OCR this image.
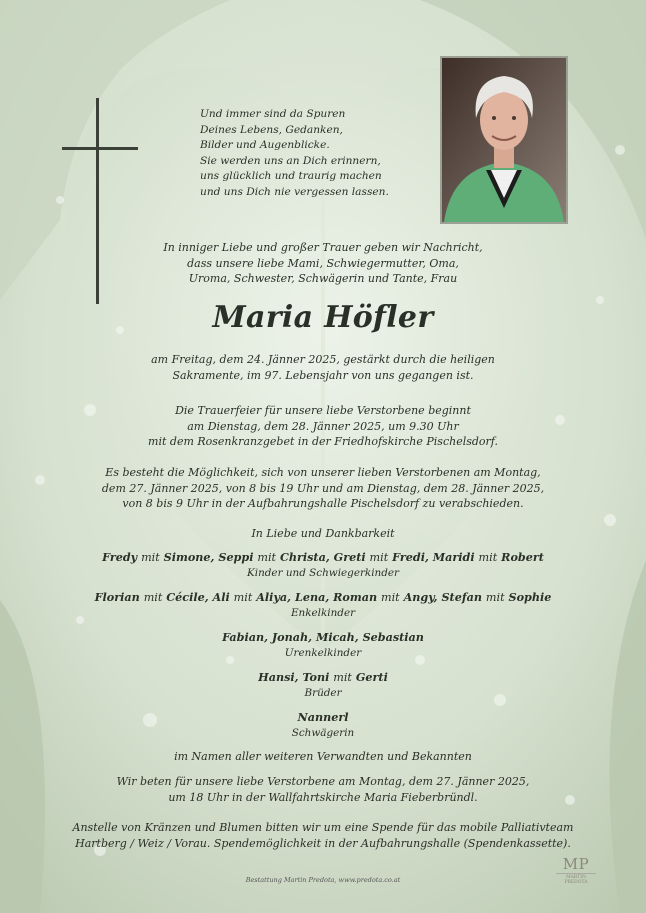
Und immer sind da Spuren
Deines Lebens, Gedanken,
Bilder und Augenblicke.
Sie werden uns an Dich erinnern,
uns glücklich und traurig machen
und uns Dich nie vergessen lassen.
In inniger Liebe und großer Trauer geben wir Nachricht,
dass unsere liebe Mami, Schwiegermutter, Oma,
Uroma, Schwester, Schwägerin und Tante, Frau
Maria Höfler
am Freitag, dem 24. Jänner 2025, gestärkt durch die heiligen
Sakramente, im 97. Lebensjahr von uns gegangen ist.
Die Trauerfeier für unsere liebe Verstorbene beginnt
am Dienstag, dem 28. Jänner 2025, um 9.30 Uhr
mit dem Rosenkranzgebet in der Friedhofskirche Pischelsdorf.
Es besteht die Möglichkeit, sich von unserer lieben Verstorbenen am Montag,
dem 27. Jänner 2025, von 8 bis 19 Uhr und am Dienstag, dem 28. Jänner 2025,
von 8 bis 9 Uhr in der Aufbahrungshalle Pischelsdorf zu verabschieden.
In Liebe und Dankbarkeit
Fredy mit Simone, Seppi mit Christa, Greti mit Fredi, Maridi mit Robert
Kinder und Schwiegerkinder
Florian mit Cécile, Ali mit Aliya, Lena, Roman mit Angy, Stefan mit Sophie
Enkelkinder
Fabian, Jonah, Micah, Sebastian
Urenkelkinder
Hansi, Toni mit Gerti
Brüder
Nannerl
Schwägerin
im Namen aller weiteren Verwandten und Bekannten
Wir beten für unsere liebe Verstorbene am Montag, dem 27. Jänner 2025,
um 18 Uhr in der Wallfahrtskirche Maria Fieberbründl.
Anstelle von Kränzen und Blumen bitten wir um eine Spende für das mobile Palliativteam
Hartberg / Weiz / Vorau. Spendemöglichkeit in der Aufbahrungshalle (Spendenkassette).
Bestattung Martin Predota, www.predota.co.at
MP
MARTIN PREDOTA
